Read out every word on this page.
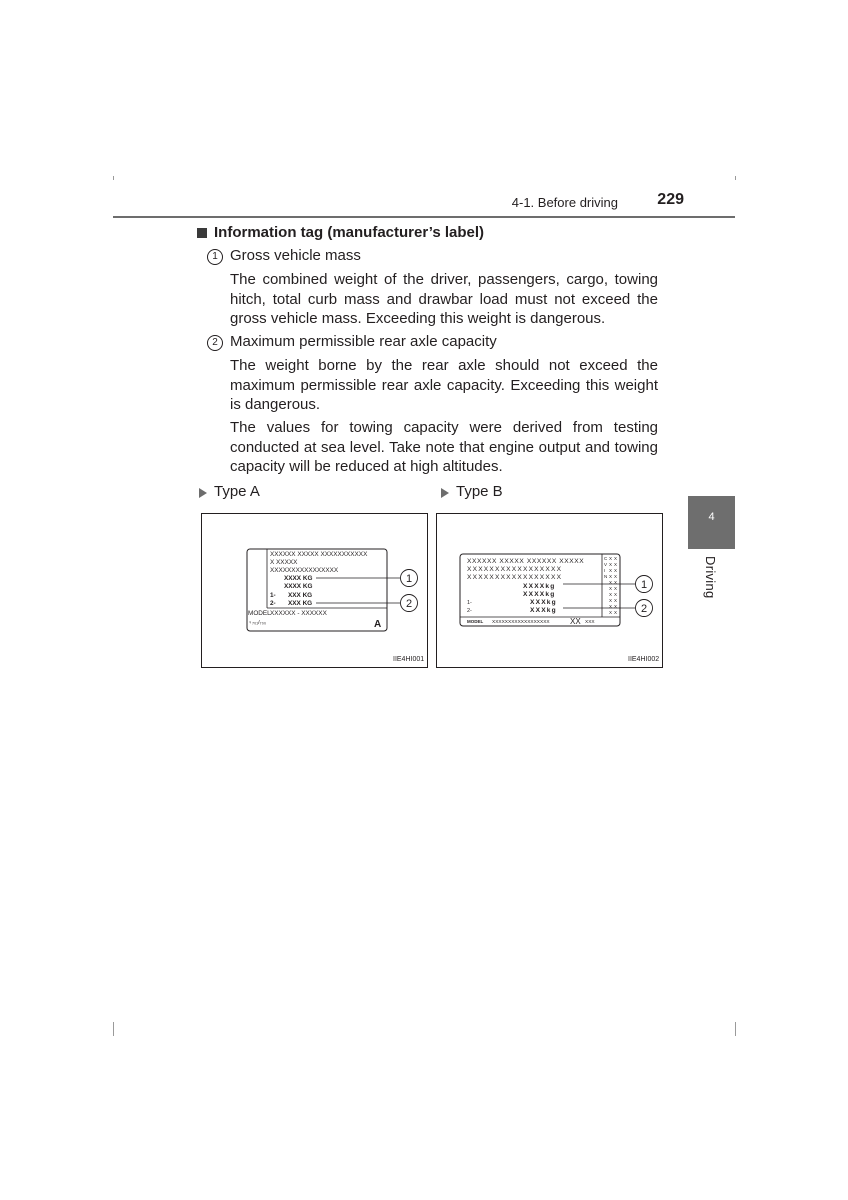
4-1. Before driving	229
4
Driving
Information tag (manufacturer’s label)
1 Gross vehicle mass
The combined weight of the driver, passengers, cargo, towing hitch, total curb mass and drawbar load must not exceed the gross vehicle mass. Exceeding this weight is dangerous.
2 Maximum permissible rear axle capacity
The weight borne by the rear axle should not exceed the maximum permissible rear axle capacity. Exceeding this weight is dangerous.
The values for towing capacity were derived from testing conducted at sea level. Take note that engine output and towing capacity will be reduced at high altitudes.
Type A	Type B
XXXXXX XXXXX XXXXXXXXXXX
X XXXXX
XXXXXXXXXXXXXXXX
XXXX KG
XXXX KG
1- XXX KG
2- XXX KG
MODEL XXXXXX - XXXXXX
♀₇₀₁/₇₀₀	A
1
2
IIE4HI001
XXXXXX XXXXX XXXXXX XXXXX
XXXXXXXXXXXXXXXXX
XXXXXXXXXXXXXXXXX
XXXXkg
XXXXkg
1-	XXXkg
2-	XXXkg
MODEL XXXXXXXXXXXXXXXXXX	XX XXX
C
V
I
N
X
X
X
X
X
X
X
X
X
X
X
X
X
X
X
X
X
X
X
X
1
2
IIE4HI002
